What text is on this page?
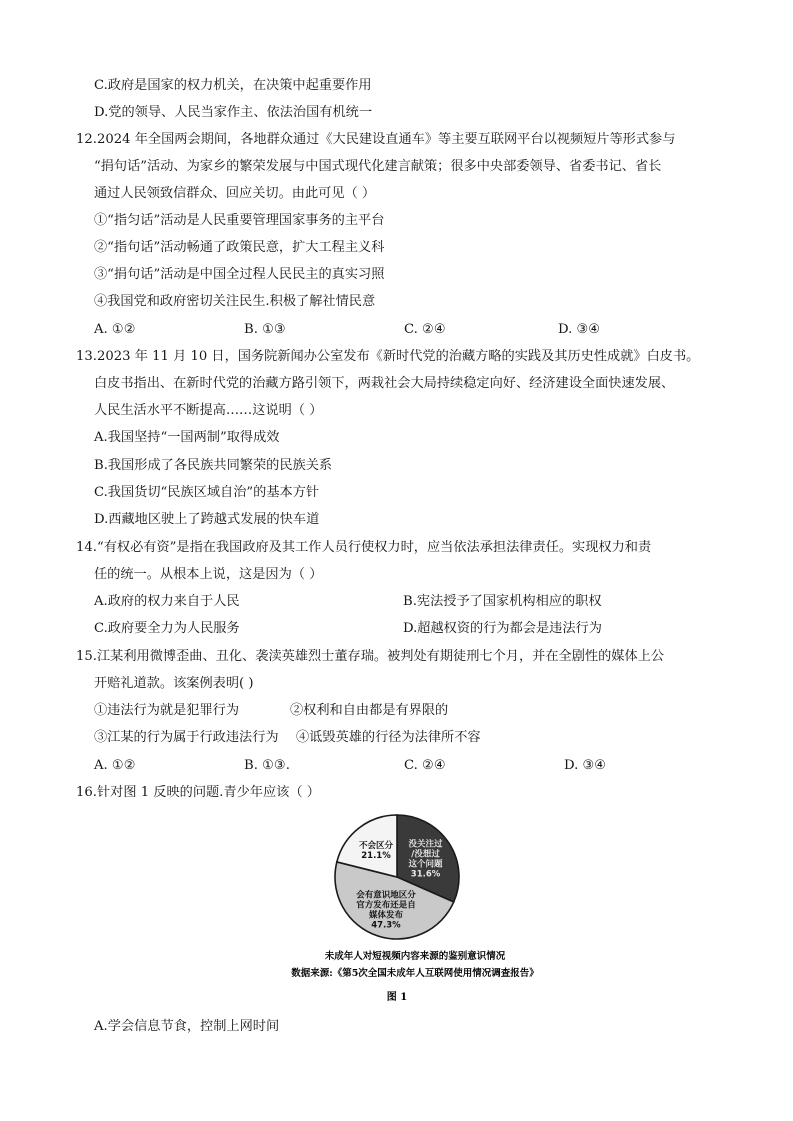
C.政府是国家的权力机关，在决策中起重要作用
D.党的领导、人民当家作主、依法治国有机统一
12.2024 年全国两会期间，各地群众通过《大民建设直通车》等主要互联网平台以视频短片等形式参与
“捐句话”活动、为家乡的繁荣发展与中国式现代化建言献策；很多中央部委领导、省委书记、省长
通过人民领致信群众、回应关切。由此可见（ ）
①“指匀话”活动是人民重要管理国家事务的主平台
②“指句话”活动畅通了政策民意，扩大工程主义科
③“捐句话”活动是中国全过程人民民主的真实习照
④我国党和政府密切关注民生.积极了解社情民意
A. ①②	B. ①③	C. ②④	D. ③④
13.2023 年 11 月 10 日，国务院新闻办公室发布《新时代党的治藏方略的实践及其历史性成就》白皮书。
白皮书指出、在新时代党的治藏方路引领下，两栽社会大局持续稳定向好、经济建设全面快速发展、
人民生活水平不断提高……这说明（ ）
A.我国坚持“一国两制”取得成效
B.我国形成了各民族共同繁荣的民族关系
C.我国货切“民族区域自治”的基本方针
D.西藏地区驶上了跨越式发展的快车道
14.“有权必有资”是指在我国政府及其工作人员行使权力时，应当依法承担法律责任。实现权力和责
任的统一。从根本上说，这是因为（ ）
A.政府的权力来自于人民	B.宪法授予了国家机构相应的职权
C.政府要全力为人民服务	D.超越权资的行为都会是违法行为
15.江某利用微博歪曲、丑化、袭渎英雄烈士董存瑞。被判处有期徒刑七个月，并在全剧性的媒体上公
开赔礼道款。该案例表明( )
①违法行为就是犯罪行为	②权利和自由都是有界限的
③江某的行为属于行政违法行为 ④诋毁英雄的行径为法律所不容
A. ①②	B. ①③.	C. ②④	D. ③④
16.针对图 1 反映的问题.青少年应该（ ）
没关注过
/没想过
这个问题
31.6%
会有意识地区分
官方发布还是自
媒体发布
47.3%
不会区分
21.1%
未成年人对短视频内容来源的鉴别意识情况
数据来源:《第5次全国未成年人互联网使用情况调查报告》
图 1
A.学会信息节食，控制上网时间
